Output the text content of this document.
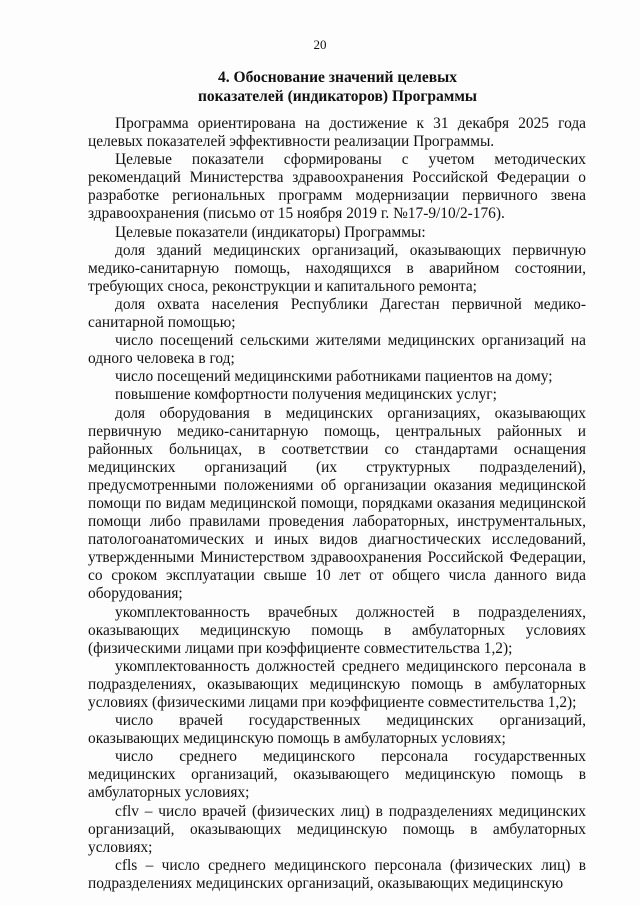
20
4. Обоснование значений целевых
показателей (индикаторов) Программы

Программа ориентирована на достижение к 31 декабря 2025 года целевых показателей эффективности реализации Программы.

Целевые показатели сформированы с учетом методических рекомендаций Министерства здравоохранения Российской Федерации о разработке региональных программ модернизации первичного звена здравоохранения (письмо от 15 ноября 2019 г. №17-9/10/2-176).

Целевые показатели (индикаторы) Программы:

доля зданий медицинских организаций, оказывающих первичную медико-санитарную помощь, находящихся в аварийном состоянии, требующих сноса, реконструкции и капитального ремонта;

доля охвата населения Республики Дагестан первичной медико-санитарной помощью;

число посещений сельскими жителями медицинских организаций на одного человека в год;

число посещений медицинскими работниками пациентов на дому;

повышение комфортности получения медицинских услуг;

доля оборудования в медицинских организациях, оказывающих первичную медико-санитарную помощь, центральных районных и районных больницах, в соответствии со стандартами оснащения медицинских организаций (их структурных подразделений), предусмотренными положениями об организации оказания медицинской помощи по видам медицинской помощи, порядками оказания медицинской помощи либо правилами проведения лабораторных, инструментальных, патологоанатомических и иных видов диагностических исследований, утвержденными Министерством здравоохранения Российской Федерации, со сроком эксплуатации свыше 10 лет от общего числа данного вида оборудования;

укомплектованность врачебных должностей в подразделениях, оказывающих медицинскую помощь в амбулаторных условиях (физическими лицами при коэффициенте совместительства 1,2);

укомплектованность должностей среднего медицинского персонала в подразделениях, оказывающих медицинскую помощь в амбулаторных условиях (физическими лицами при коэффициенте совместительства 1,2);

число врачей государственных медицинских организаций, оказывающих медицинскую помощь в амбулаторных условиях;

число среднего медицинского персонала государственных медицинских организаций, оказывающего медицинскую помощь в амбулаторных условиях;

cflv – число врачей (физических лиц) в подразделениях медицинских организаций, оказывающих медицинскую помощь в амбулаторных условиях;

cfls – число среднего медицинского персонала (физических лиц) в подразделениях медицинских организаций, оказывающих медицинскую
